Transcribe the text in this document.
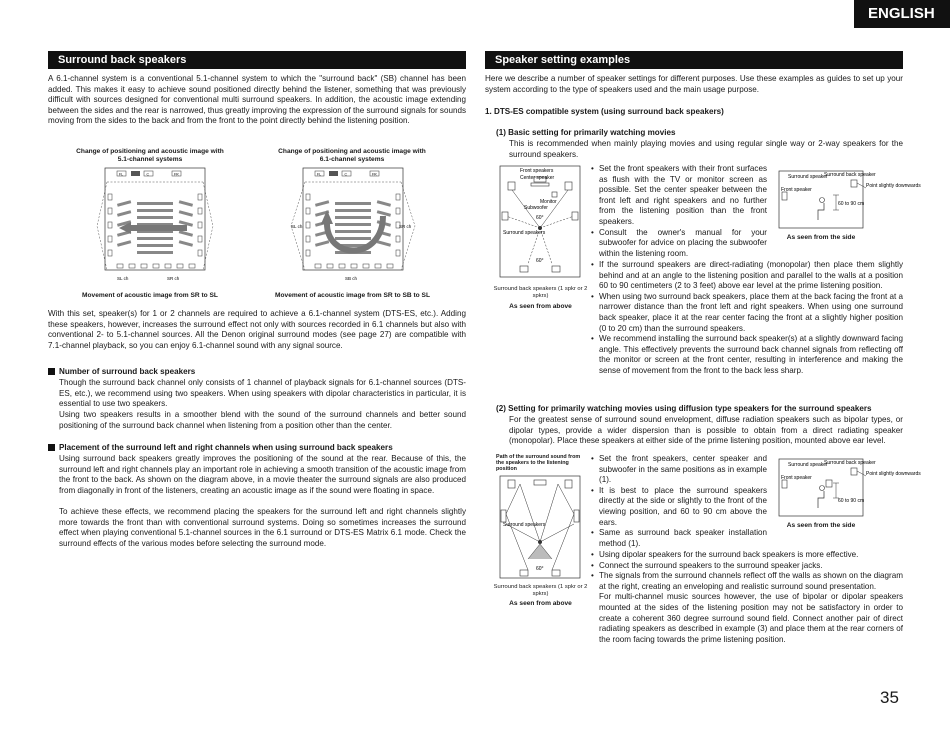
ENGLISH
Surround back speakers

A 6.1-channel system is a conventional 5.1-channel system to which the "surround back" (SB) channel has been added. This makes it easy to achieve sound positioned directly behind the listener, something that was previously difficult with sources designed for conventional multi surround speakers. In addition, the acoustic image extending between the sides and the rear is narrowed, thus greatly improving the expression of the surround signals for sounds moving from the sides to the back and from the front to the point directly behind the listening position.

Change of positioning and acoustic image with 5.1-channel systems
Change of positioning and acoustic image with 6.1-channel systems
FL	C	FR
SL ch	SR ch
FL	C	FR
SL ch	SR ch
SB ch
Movement of acoustic image from SR to SL	Movement of acoustic image from SR to SB to SL

With this set, speaker(s) for 1 or 2 channels are required to achieve a 6.1-channel system (DTS-ES, etc.). Adding these speakers, however, increases the surround effect not only with sources recorded in 6.1 channels but also with conventional 2- to 5.1-channel sources. All the Denon original surround modes (see page 27) are compatible with 7.1-channel playback, so you can enjoy 6.1-channel sound with any signal source.

Number of surround back speakers

Though the surround back channel only consists of 1 channel of playback signals for 6.1-channel sources (DTS-ES, etc.), we recommend using two speakers. When using speakers with dipolar characteristics in particular, it is essential to use two speakers.

Using two speakers results in a smoother blend with the sound of the surround channels and better sound positioning of the surround back channel when listening from a position other than the center.

Placement of the surround left and right channels when using surround back speakers

Using surround back speakers greatly improves the positioning of the sound at the rear. Because of this, the surround left and right channels play an important role in achieving a smooth transition of the acoustic image from the front to the back. As shown on the diagram above, in a movie theater the surround signals are also produced from diagonally in front of the listeners, creating an acoustic image as if the sound were floating in space.

To achieve these effects, we recommend placing the speakers for the surround left and right channels slightly more towards the front than with conventional surround systems. Doing so sometimes increases the surround effect when playing conventional 5.1-channel sources in the 6.1 surround or DTS-ES Matrix 6.1 mode. Check the surround effects of the various modes before selecting the surround mode.

Speaker setting examples

Here we describe a number of speaker settings for different purposes. Use these examples as guides to set up your system according to the type of speakers used and the main usage purpose.

1. DTS-ES compatible system (using surround back speakers)
(1) Basic setting for primarily watching movies

This is recommended when mainly playing movies and using regular single way or 2-way speakers for the surround speakers.

Front speakers
Center speaker
Monitor
Subwoofer
60°
Surround speakers
60°
Surround back speakers (1 spkr or 2 spkrs)
As seen from above
Surround speaker
Surround back speaker
Front speaker
Point slightly downwards
60 to 90 cm
As seen from the side
• Set the front speakers with their front surfaces as flush with the TV or monitor screen as possible. Set the center speaker between the front left and right speakers and no further from the listening position than the front speakers.
• Consult the owner's manual for your subwoofer for advice on placing the subwoofer within the listening room.
• If the surround speakers are direct-radiating (monopolar) then place them slightly behind and at an angle to the listening position and parallel to the walls at a position 60 to 90 centimeters (2 to 3 feet) above ear level at the prime listening position.
• When using two surround back speakers, place them at the back facing the front at a narrower distance than the front left and right speakers. When using one surround back speaker, place it at the rear center facing the front at a slightly higher position (0 to 20 cm) than the surround speakers.
• We recommend installing the surround back speaker(s) at a slightly downward facing angle. This effectively prevents the surround back channel signals from reflecting off the monitor or screen at the front center, resulting in interference and making the sense of movement from the front to the back less sharp.
(2) Setting for primarily watching movies using diffusion type speakers for the surround speakers

For the greatest sense of surround sound envelopment, diffuse radiation speakers such as bipolar types, or dipolar types, provide a wider dispersion than is possible to obtain from a direct radiating speaker (monopolar). Place these speakers at either side of the prime listening position, mounted above ear level.

Path of the surround sound from the speakers to the listening position
Surround speakers
60°
Surround back speakers (1 spkr or 2 spkrs)
As seen from above
Surround speaker
Surround back speaker
Front speaker
Point slightly downwards
60 to 90 cm
As seen from the side
• Set the front speakers, center speaker and subwoofer in the same positions as in example (1).
• It is best to place the surround speakers directly at the side or slightly to the front of the viewing position, and 60 to 90 cm above the ears.
• Same as surround back speaker installation method (1).
• Using dipolar speakers for the surround back speakers is more effective.
• Connect the surround speakers to the surround speaker jacks.
• The signals from the surround channels reflect off the walls as shown on the diagram at the right, creating an enveloping and realistic surround sound presentation.
For multi-channel music sources however, the use of bipolar or dipolar speakers mounted at the sides of the listening position may not be satisfactory in order to create a coherent 360 degree surround sound field. Connect another pair of direct radiating speakers as described in example (3) and place them at the rear corners of the room facing towards the prime listening position.
35
